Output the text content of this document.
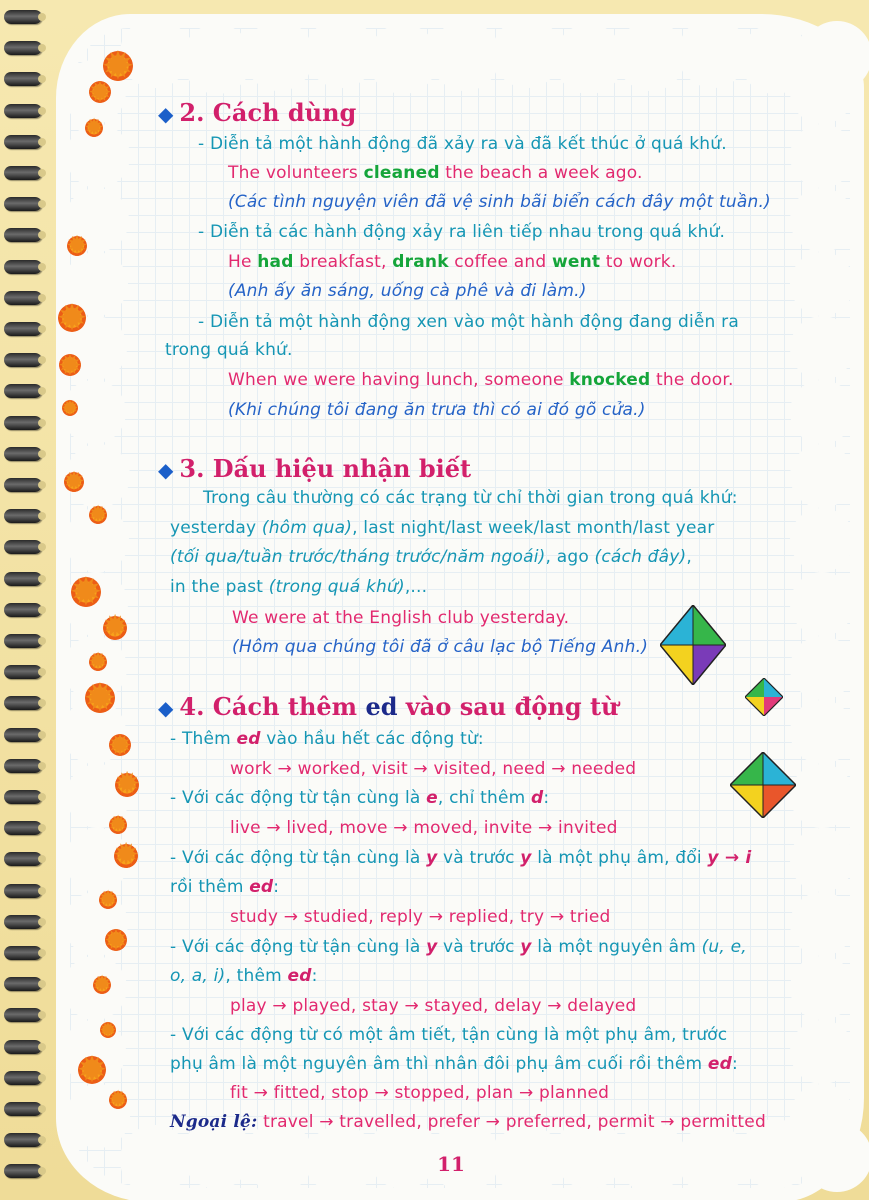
✹
✹
✹
✹
✹
✹
✹
✹
✹
✹
✹
✹
✹
✹
✹
✹
✹
✹
✹
✹
✹
✹
✹
◆ 2. Cách dùng
- Diễn tả một hành động đã xảy ra và đã kết thúc ở quá khứ.
The volunteers cleaned the beach a week ago.
(Các tình nguyện viên đã vệ sinh bãi biển cách đây một tuần.)
- Diễn tả các hành động xảy ra liên tiếp nhau trong quá khứ.
He had breakfast, drank coffee and went to work.
(Anh ấy ăn sáng, uống cà phê và đi làm.)
- Diễn tả một hành động xen vào một hành động đang diễn ra
trong quá khứ.
When we were having lunch, someone knocked the door.
(Khi chúng tôi đang ăn trưa thì có ai đó gõ cửa.)
◆ 3. Dấu hiệu nhận biết
Trong câu thường có các trạng từ chỉ thời gian trong quá khứ:
yesterday (hôm qua), last night/last week/last month/last year
(tối qua/tuần trước/tháng trước/năm ngoái), ago (cách đây),
in the past (trong quá khứ),...
We were at the English club yesterday.
(Hôm qua chúng tôi đã ở câu lạc bộ Tiếng Anh.)
◆ 4. Cách thêm ed vào sau động từ
- Thêm ed vào hầu hết các động từ:
work → worked, visit → visited, need → needed
- Với các động từ tận cùng là e, chỉ thêm d:
live → lived, move → moved, invite → invited
- Với các động từ tận cùng là y và trước y là một phụ âm, đổi y → i
rồi thêm ed:
study → studied, reply → replied, try → tried
- Với các động từ tận cùng là y và trước y là một nguyên âm (u, e,
o, a, i), thêm ed:
play → played, stay → stayed, delay → delayed
- Với các động từ có một âm tiết, tận cùng là một phụ âm, trước
phụ âm là một nguyên âm thì nhân đôi phụ âm cuối rồi thêm ed:
fit → fitted, stop → stopped, plan → planned
Ngoại lệ: travel → travelled, prefer → preferred, permit → permitted
11
